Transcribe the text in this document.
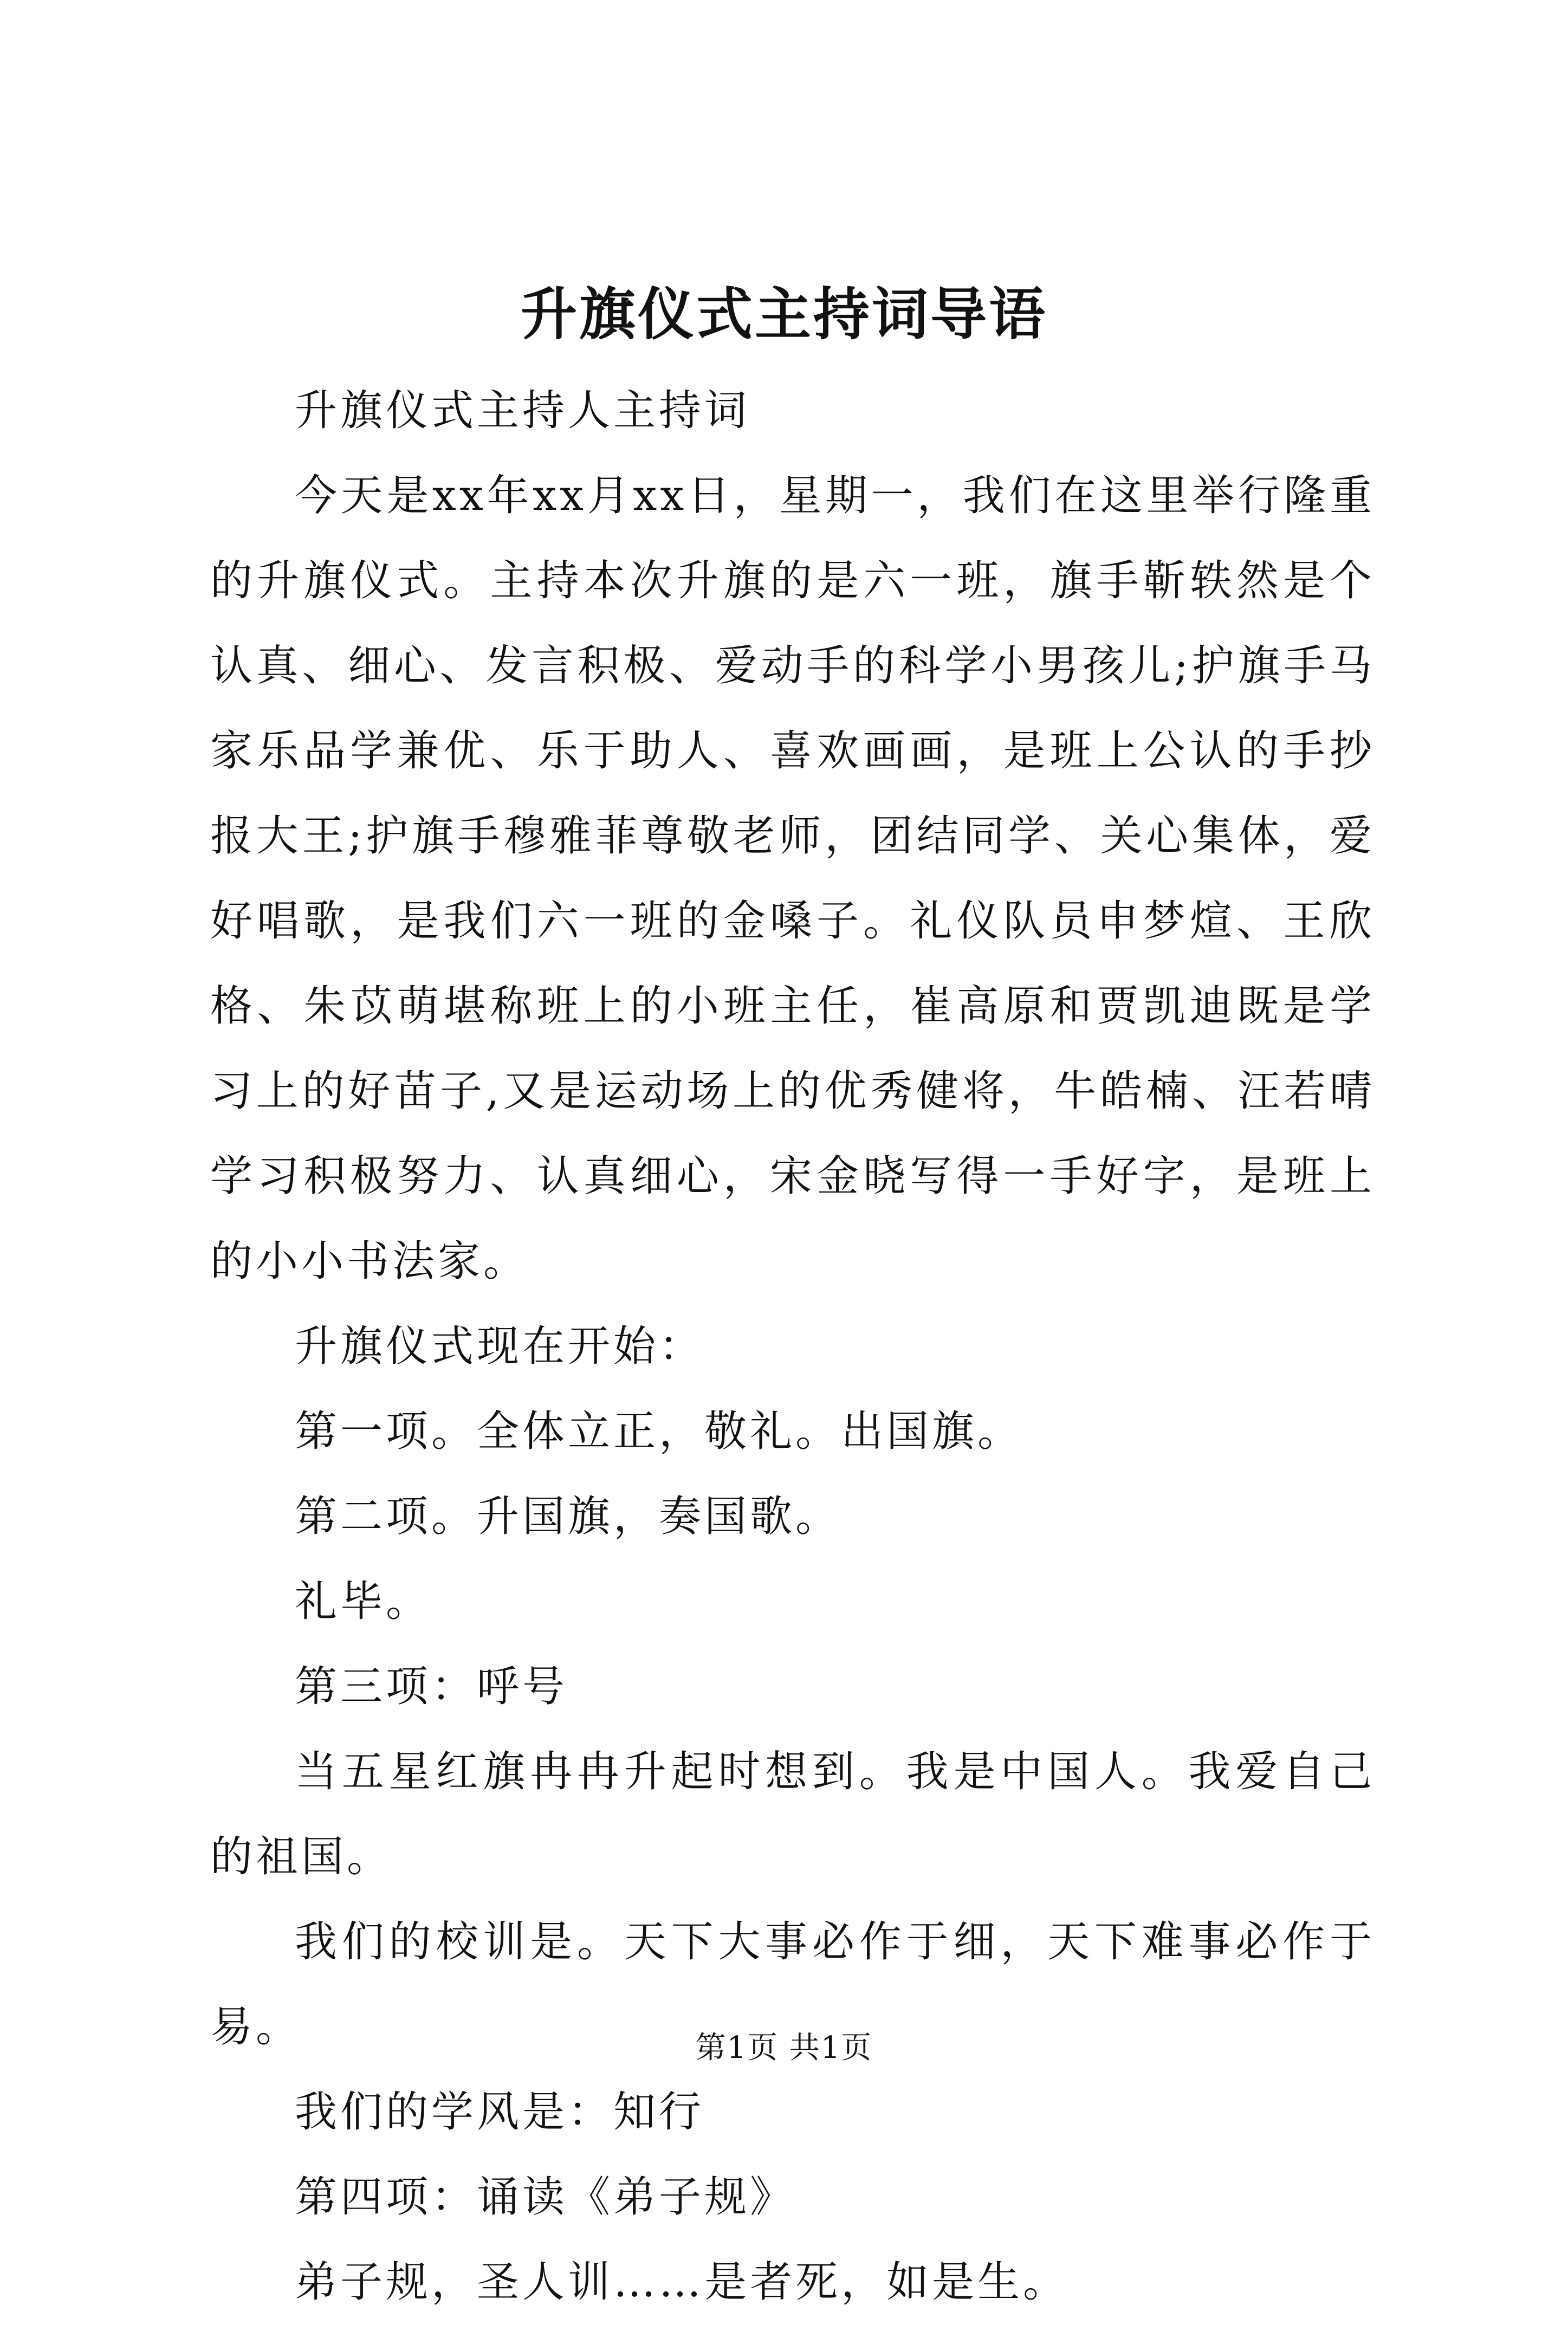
升旗仪式主持词导语

升旗仪式主持人主持词

今天是xx年xx月xx日，星期一，我们在这里举行隆重的升旗仪式。主持本次升旗的是六一班，旗手靳轶然是个认真、细心、发言积极、爱动手的科学小男孩儿;护旗手马家乐品学兼优、乐于助人、喜欢画画，是班上公认的手抄报大王;护旗手穆雅菲尊敬老师，团结同学、关心集体，爱好唱歌，是我们六一班的金嗓子。礼仪队员申梦煊、王欣格、朱苡萌堪称班上的小班主任，崔高原和贾凯迪既是学习上的好苗子,又是运动场上的优秀健将，牛皓楠、汪若晴学习积极努力、认真细心，宋金晓写得一手好字，是班上的小小书法家。

升旗仪式现在开始：

第一项。全体立正，敬礼。出国旗。

第二项。升国旗，奏国歌。

礼毕。

第三项：呼号

当五星红旗冉冉升起时想到。我是中国人。我爱自己的祖国。

我们的校训是。天下大事必作于细，天下难事必作于易。

我们的学风是：知行

第四项：诵读《弟子规》

弟子规，圣人训……是者死，如是生。

第1页 共1页
